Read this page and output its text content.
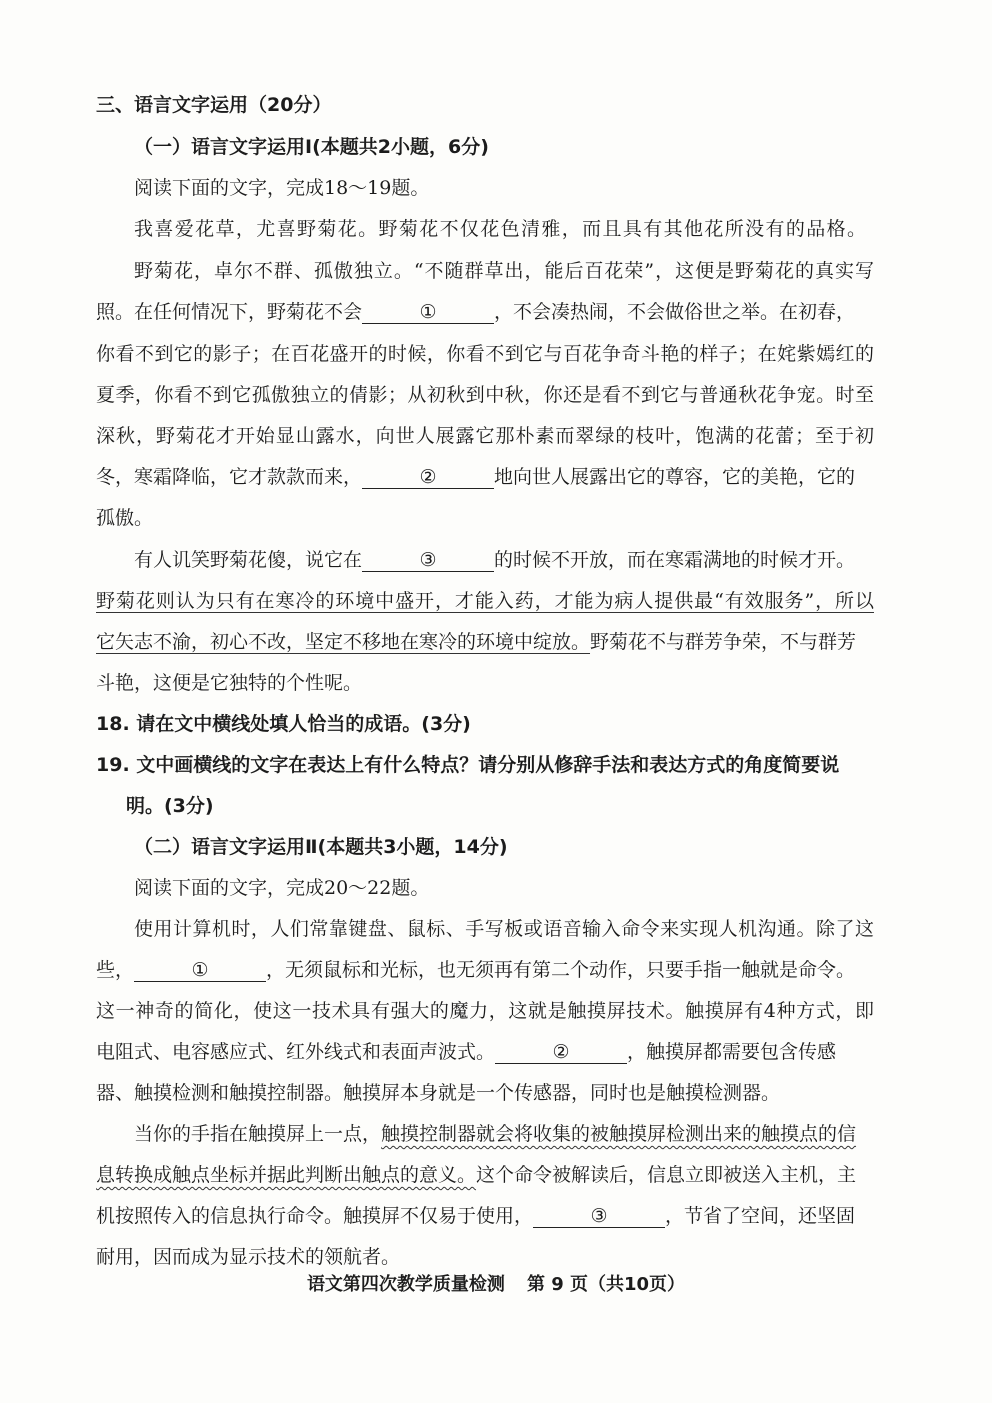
三、语言文字运用（20分）
（一）语言文字运用Ⅰ(本题共2小题，6分)
阅读下面的文字，完成18～19题。
我喜爱花草，尤喜野菊花。野菊花不仅花色清雅，而且具有其他花所没有的品格。
野菊花，卓尔不群、孤傲独立。“不随群草出，能后百花荣”，这便是野菊花的真实写
照。在任何情况下，野菊花不会	①	，不会凑热闹，不会做俗世之举。在初春，
你看不到它的影子；在百花盛开的时候，你看不到它与百花争奇斗艳的样子；在姹紫嫣红的
夏季，你看不到它孤傲独立的倩影；从初秋到中秋，你还是看不到它与普通秋花争宠。时至
深秋，野菊花才开始显山露水，向世人展露它那朴素而翠绿的枝叶，饱满的花蕾；至于初
冬，寒霜降临，它才款款而来，	②	地向世人展露出它的尊容，它的美艳，它的
孤傲。
有人讥笑野菊花傻，说它在	③	的时候不开放，而在寒霜满地的时候才开。
野菊花则认为只有在寒冷的环境中盛开，才能入药，才能为病人提供最“有效服务”，所以
它矢志不渝，初心不改，坚定不移地在寒冷的环境中绽放。野菊花不与群芳争荣，不与群芳
斗艳，这便是它独特的个性呢。
18. 请在文中横线处填人恰当的成语。(3分)
19. 文中画横线的文字在表达上有什么特点？请分别从修辞手法和表达方式的角度简要说
明。(3分)
（二）语言文字运用Ⅱ(本题共3小题，14分)
阅读下面的文字，完成20～22题。
使用计算机时，人们常靠键盘、鼠标、手写板或语音输入命令来实现人机沟通。除了这
些，	①	，无须鼠标和光标，也无须再有第二个动作，只要手指一触就是命令。
这一神奇的简化，使这一技术具有强大的魔力，这就是触摸屏技术。触摸屏有4种方式，即
电阻式、电容感应式、红外线式和表面声波式。	②	，触摸屏都需要包含传感
器、触摸检测和触摸控制器。触摸屏本身就是一个传感器，同时也是触摸检测器。
当你的手指在触摸屏上一点，触摸控制器就会将收集的被触摸屏检测出来的触摸点的信
息转换成触点坐标并据此判断出触点的意义。这个命令被解读后，信息立即被送入主机，主
机按照传入的信息执行命令。触摸屏不仅易于使用，	③	，节省了空间，还坚固
耐用，因而成为显示技术的领航者。
语文第四次教学质量检测 第 9 页（共10页）
